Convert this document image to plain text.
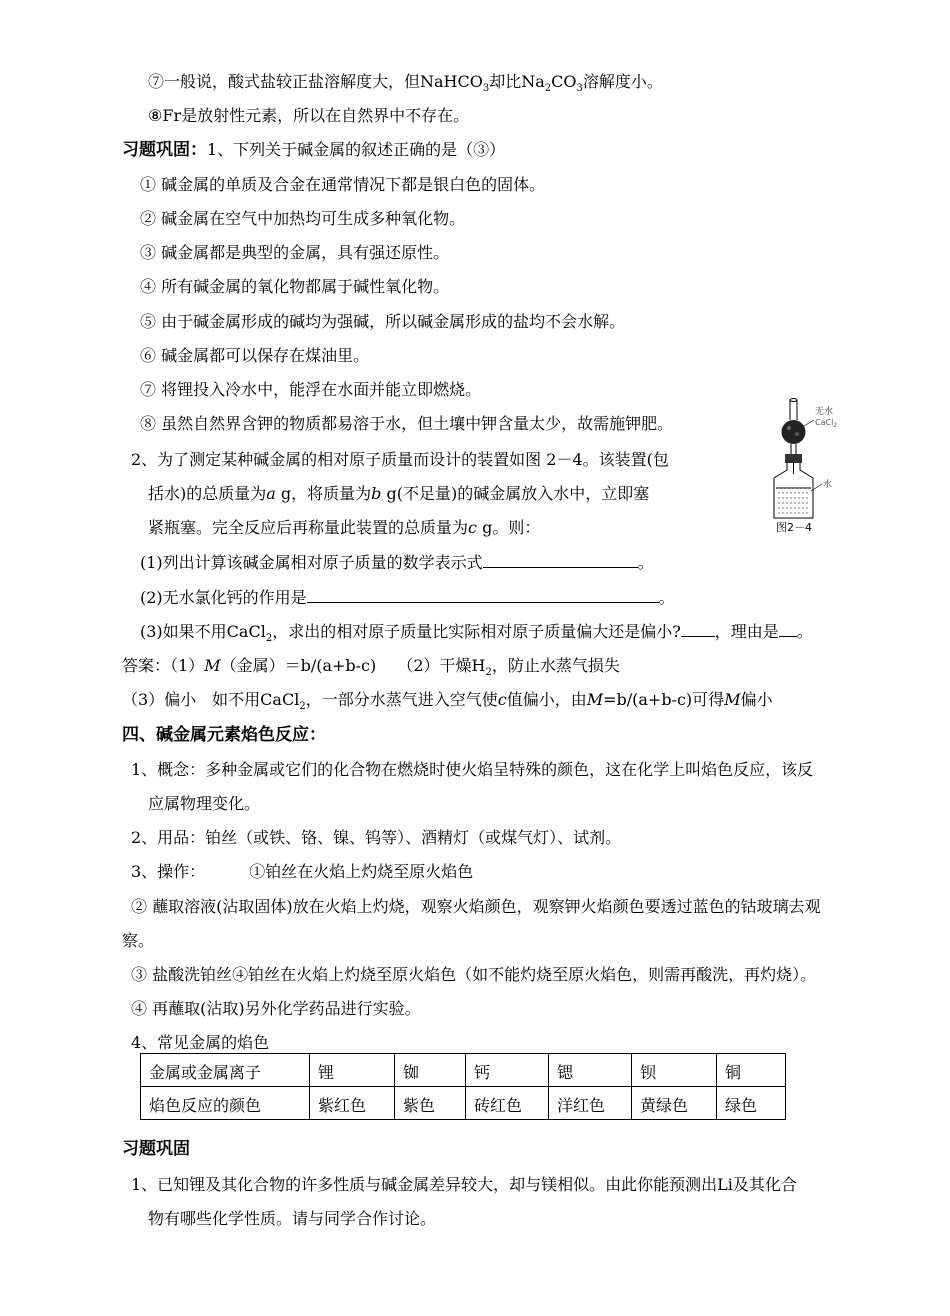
⑦一般说，酸式盐较正盐溶解度大，但NaHCO$_3$却比$Na_2CO_3$溶解度小。
⑧Fr是放射性元素，所以在自然界中不存在。
习题巩固：1、下列关于碱金属的叙述正确的是（③）
① 碱金属的单质及合金在通常情况下都是银白色的固体。
② 碱金属在空气中加热均可生成多种氧化物。
③ 碱金属都是典型的金属，具有强还原性。
④ 所有碱金属的氧化物都属于碱性氧化物。
⑤ 由于碱金属形成的碱均为强碱，所以碱金属形成的盐均不会水解。
⑥ 碱金属都可以保存在煤油里。
⑦ 将锂投入冷水中，能浮在水面并能立即燃烧。
⑧ 虽然自然界含钾的物质都易溶于水，但土壤中钾含量太少，故需施钾肥。
2、为了测定某种碱金属的相对原子质量而设计的装置如图 2－4。该装置(包
括水)的总质量为a g，将质量为b g(不足量)的碱金属放入水中，立即塞
紧瓶塞。完全反应后再称量此装置的总质量为c g。则：
(1)列出计算该碱金属相对原子质量的数学表示式	。
(2)无水氯化钙的作用是	。
(3)如果不用CaCl$_2$，求出的相对原子质量比实际相对原子质量偏大还是偏小? ，理由是 。
答案：（1）M（金属）＝b/(a+b-c)　 （2）干燥$H_2$，防止水蒸气损失
（3）偏小　如不用CaCl$_2$，一部分水蒸气进入空气使c值偏小，由M=b/(a+b-c)可得M偏小
四、碱金属元素焰色反应：
1、概念：多种金属或它们的化合物在燃烧时使火焰呈特殊的颜色，这在化学上叫焰色反应，该反
应属物理变化。
2、用品：铂丝（或铁、铬、镍、钨等）、酒精灯（或煤气灯）、试剂。
3、操作：	①铂丝在火焰上灼烧至原火焰色
② 蘸取溶液(沾取固体)放在火焰上灼烧，观察火焰颜色，观察钾火焰颜色要透过蓝色的钴玻璃去观
察。
③ 盐酸洗铂丝④铂丝在火焰上灼烧至原火焰色（如不能灼烧至原火焰色，则需再酸洗，再灼烧）。
④ 再蘸取(沾取)另外化学药品进行实验。
4、常见金属的焰色
金属或金属离子	锂	铷	钙	锶	钡	铜
焰色反应的颜色	紫红色	紫色	砖红色	洋红色	黄绿色	绿色
习题巩固
1、已知锂及其化合物的许多性质与碱金属差异较大，却与镁相似。由此你能预测出Li及其化合
物有哪些化学性质。请与同学合作讨论。
无水
CaCl$_2$
水
图2－4
